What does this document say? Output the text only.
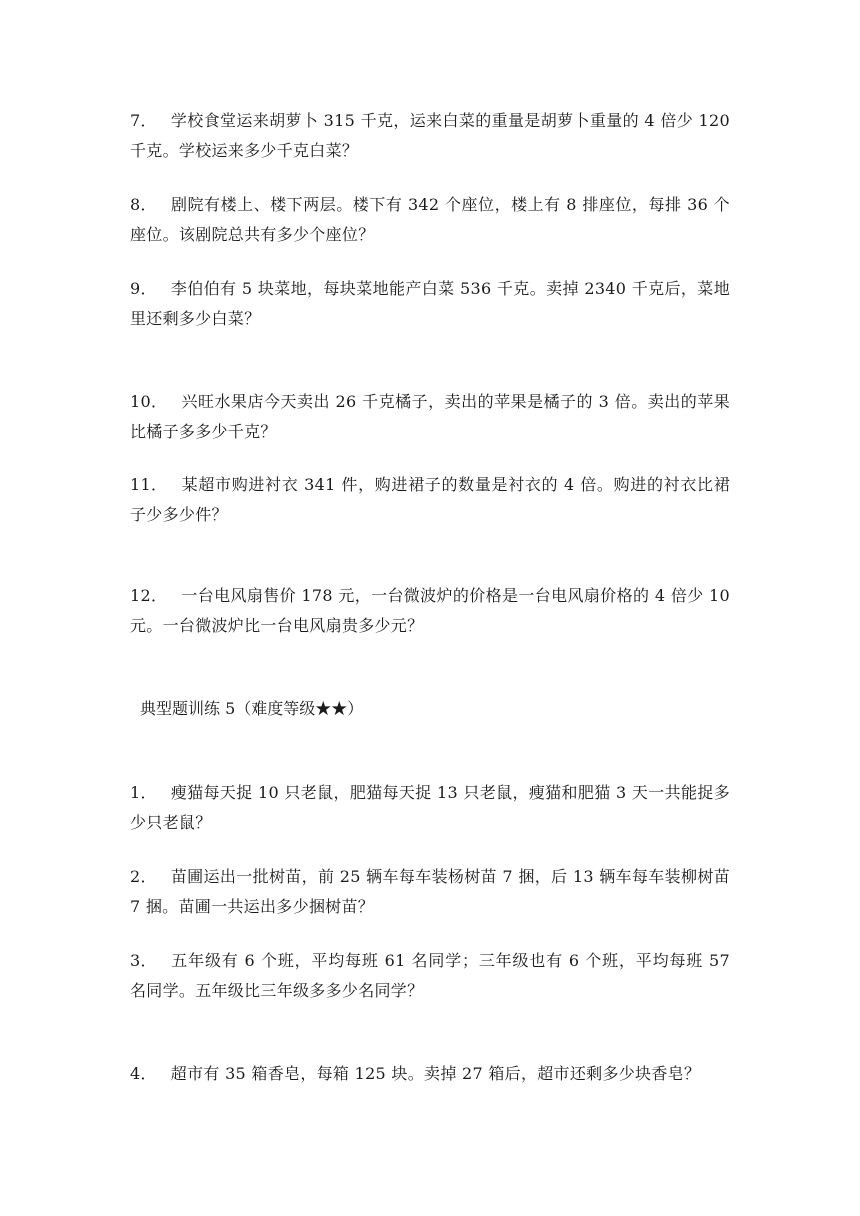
7． 学校食堂运来胡萝卜 315 千克，运来白菜的重量是胡萝卜重量的 4 倍少 120 千克。学校运来多少千克白菜？

8． 剧院有楼上、楼下两层。楼下有 342 个座位，楼上有 8 排座位，每排 36 个座位。该剧院总共有多少个座位？

9． 李伯伯有 5 块菜地，每块菜地能产白菜 536 千克。卖掉 2340 千克后，菜地里还剩多少白菜？

10． 兴旺水果店今天卖出 26 千克橘子，卖出的苹果是橘子的 3 倍。卖出的苹果比橘子多多少千克？

11． 某超市购进衬衣 341 件，购进裙子的数量是衬衣的 4 倍。购进的衬衣比裙子少多少件？

12． 一台电风扇售价 178 元，一台微波炉的价格是一台电风扇价格的 4 倍少 10 元。一台微波炉比一台电风扇贵多少元？

典型题训练 5（难度等级★★）

1． 瘦猫每天捉 10 只老鼠，肥猫每天捉 13 只老鼠，瘦猫和肥猫 3 天一共能捉多少只老鼠？

2． 苗圃运出一批树苗，前 25 辆车每车装杨树苗 7 捆，后 13 辆车每车装柳树苗 7 捆。苗圃一共运出多少捆树苗？

3． 五年级有 6 个班，平均每班 61 名同学；三年级也有 6 个班，平均每班 57 名同学。五年级比三年级多多少名同学？

4． 超市有 35 箱香皂，每箱 125 块。卖掉 27 箱后，超市还剩多少块香皂？
